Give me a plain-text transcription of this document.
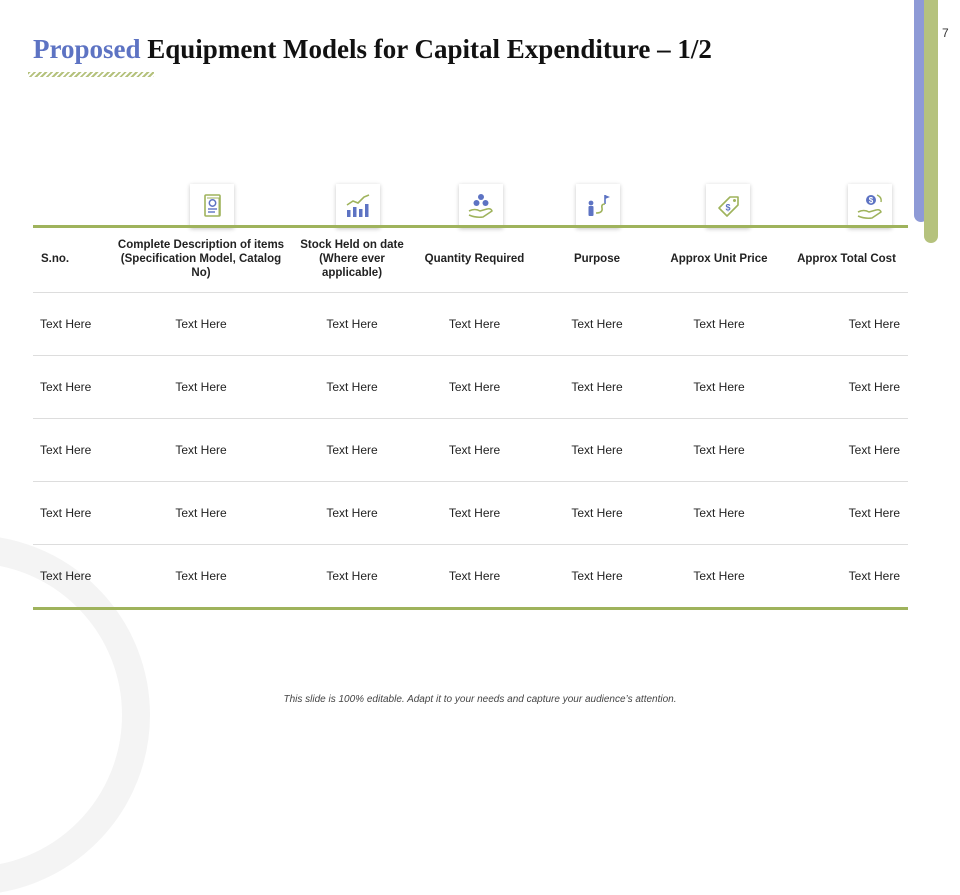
7
Proposed Equipment Models for Capital Expenditure – 1/2
$
$
S.no.	Complete Description of items (Specification Model, Catalog No)	Stock Held on date (Where ever applicable)	Quantity Required	Purpose	Approx Unit Price	Approx Total Cost
Text Here	Text Here	Text Here	Text Here	Text Here	Text Here	Text Here
Text Here	Text Here	Text Here	Text Here	Text Here	Text Here	Text Here
Text Here	Text Here	Text Here	Text Here	Text Here	Text Here	Text Here
Text Here	Text Here	Text Here	Text Here	Text Here	Text Here	Text Here
Text Here	Text Here	Text Here	Text Here	Text Here	Text Here	Text Here
This slide is 100% editable. Adapt it to your needs and capture your audience’s attention.
